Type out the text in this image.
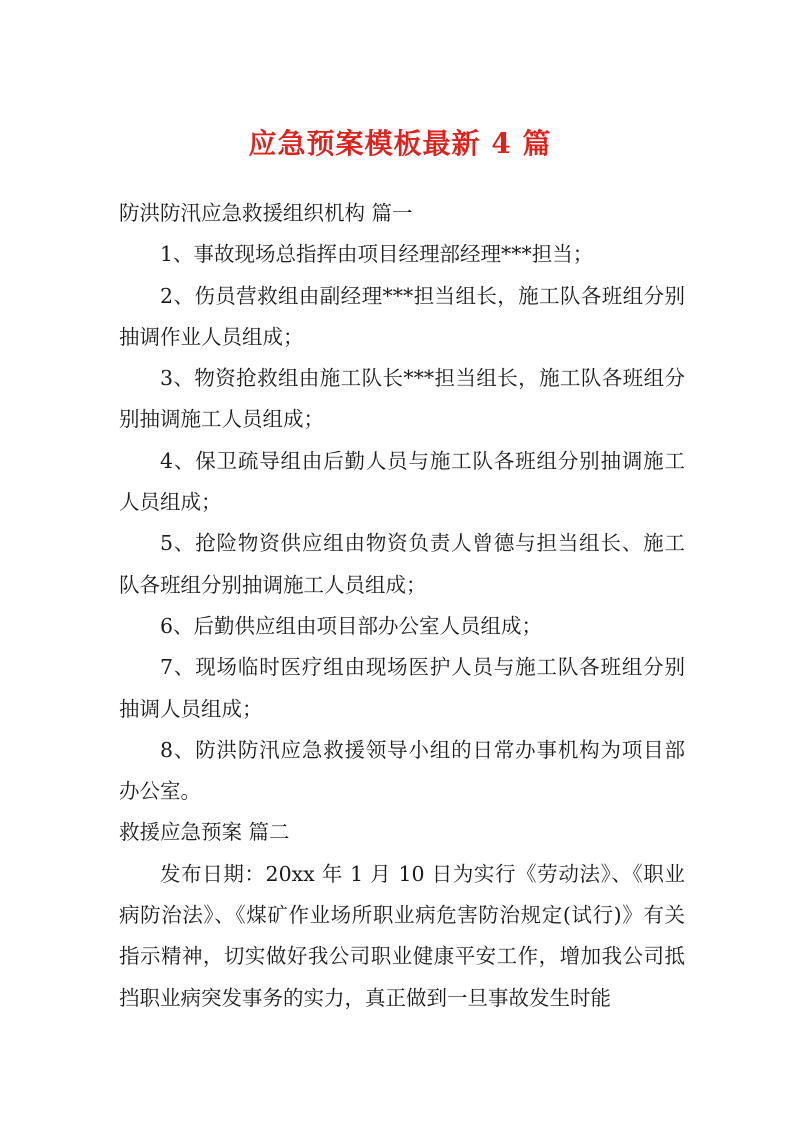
应急预案模板最新 4 篇

防洪防汛应急救援组织机构 篇一

1、事故现场总指挥由项目经理部经理***担当；

2、伤员营救组由副经理***担当组长，施工队各班组分别抽调作业人员组成；

3、物资抢救组由施工队长***担当组长，施工队各班组分别抽调施工人员组成；

4、保卫疏导组由后勤人员与施工队各班组分别抽调施工人员组成；

5、抢险物资供应组由物资负责人曾德与担当组长、施工队各班组分别抽调施工人员组成；

6、后勤供应组由项目部办公室人员组成；

7、现场临时医疗组由现场医护人员与施工队各班组分别抽调人员组成；

8、防洪防汛应急救援领导小组的日常办事机构为项目部办公室。

救援应急预案 篇二

发布日期：20xx 年 1 月 10 日为实行《劳动法》、《职业病防治法》、《煤矿作业场所职业病危害防治规定(试行)》有关指示精神，切实做好我公司职业健康平安工作，增加我公司抵挡职业病突发事务的实力，真正做到一旦事故发生时能
